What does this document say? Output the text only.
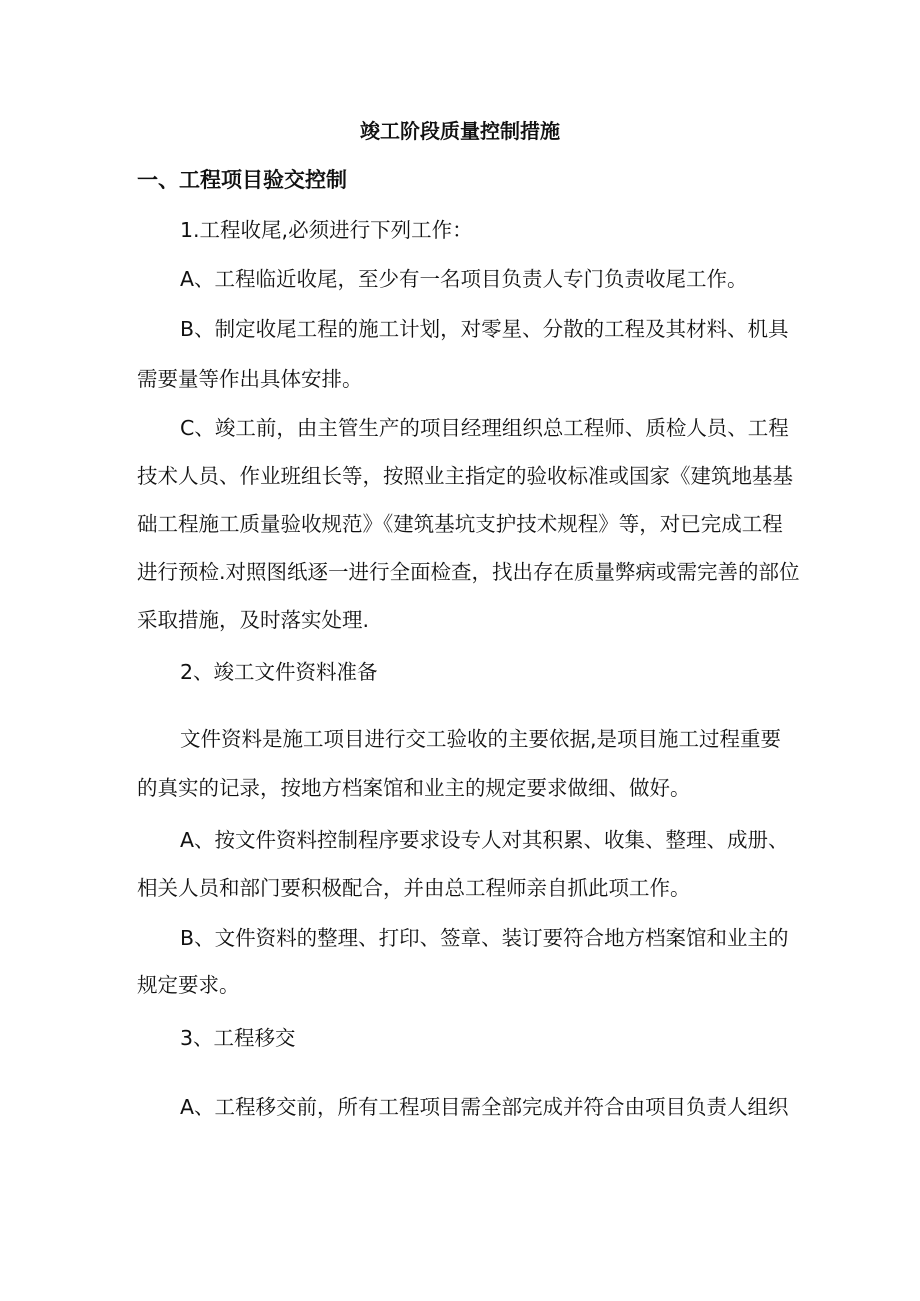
竣工阶段质量控制措施
一、工程项目验交控制

1.工程收尾,必须进行下列工作：

A、工程临近收尾，至少有一名项目负责人专门负责收尾工作。

B、制定收尾工程的施工计划，对零星、分散的工程及其材料、机具

需要量等作出具体安排。

C、竣工前，由主管生产的项目经理组织总工程师、质检人员、工程

技术人员、作业班组长等，按照业主指定的验收标准或国家《建筑地基基

础工程施工质量验收规范》《建筑基坑支护技术规程》等，对已完成工程

进行预检.对照图纸逐一进行全面检查，找出存在质量弊病或需完善的部位

采取措施，及时落实处理.

2、竣工文件资料准备

文件资料是施工项目进行交工验收的主要依据,是项目施工过程重要

的真实的记录，按地方档案馆和业主的规定要求做细、做好。

A、按文件资料控制程序要求设专人对其积累、收集、整理、成册、

相关人员和部门要积极配合，并由总工程师亲自抓此项工作。

B、文件资料的整理、打印、签章、装订要符合地方档案馆和业主的

规定要求。

3、工程移交

A、工程移交前，所有工程项目需全部完成并符合由项目负责人组织
